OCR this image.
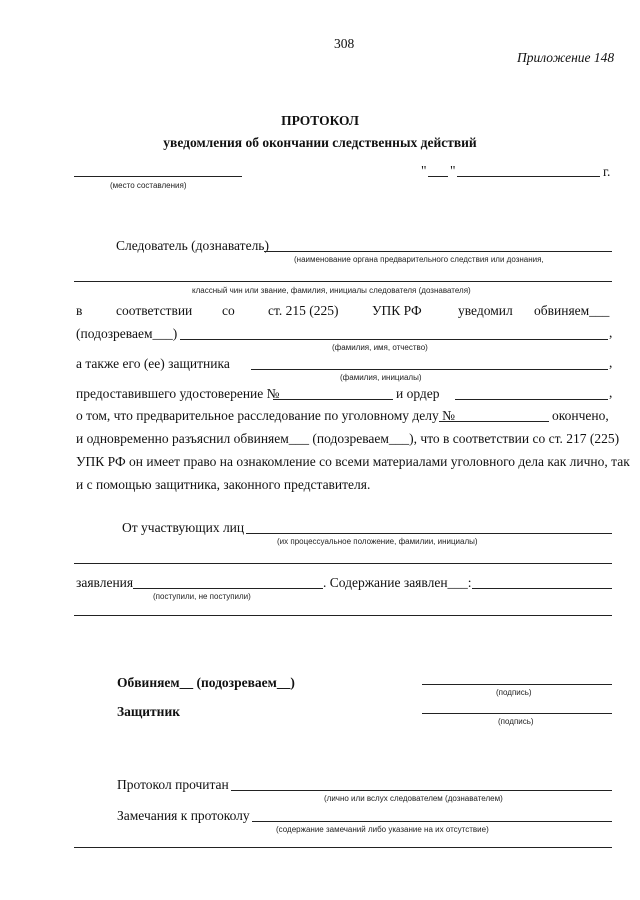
308
Приложение 148
ПРОТОКОЛ
уведомления об окончании следственных действий
(место составления)
" "	г.
Следователь (дознаватель)
(наименование органа предварительного следствия или дознания,
классный чин или звание, фамилия, инициалы следователя (дознавателя)
в соответствии со ст. 215 (225) УПК РФ	уведомил обвиняем___
(подозреваем___)	,
(фамилия, имя, отчество)
а также его (ее) защитника	,
(фамилия, инициалы)
предоставившего удостоверение №	и ордер	,
о том, что предварительное расследование по уголовному делу №	окончено,
и одновременно разъяснил обвиняем___ (подозреваем___), что в соответствии со ст. 217 (225)
УПК РФ он имеет право на ознакомление со всеми материалами уголовного дела как лично, так
и с помощью защитника, законного представителя.
От участвующих лиц
(их процессуальное положение, фамилии, инициалы)
заявления	. Содержание заявлен___:
(поступили, не поступили)
Обвиняем__ (подозреваем__)
(подпись)
Защитник
(подпись)
Протокол прочитан
(лично или вслух следователем (дознавателем)
Замечания к протоколу
(содержание замечаний либо указание на их отсутствие)
